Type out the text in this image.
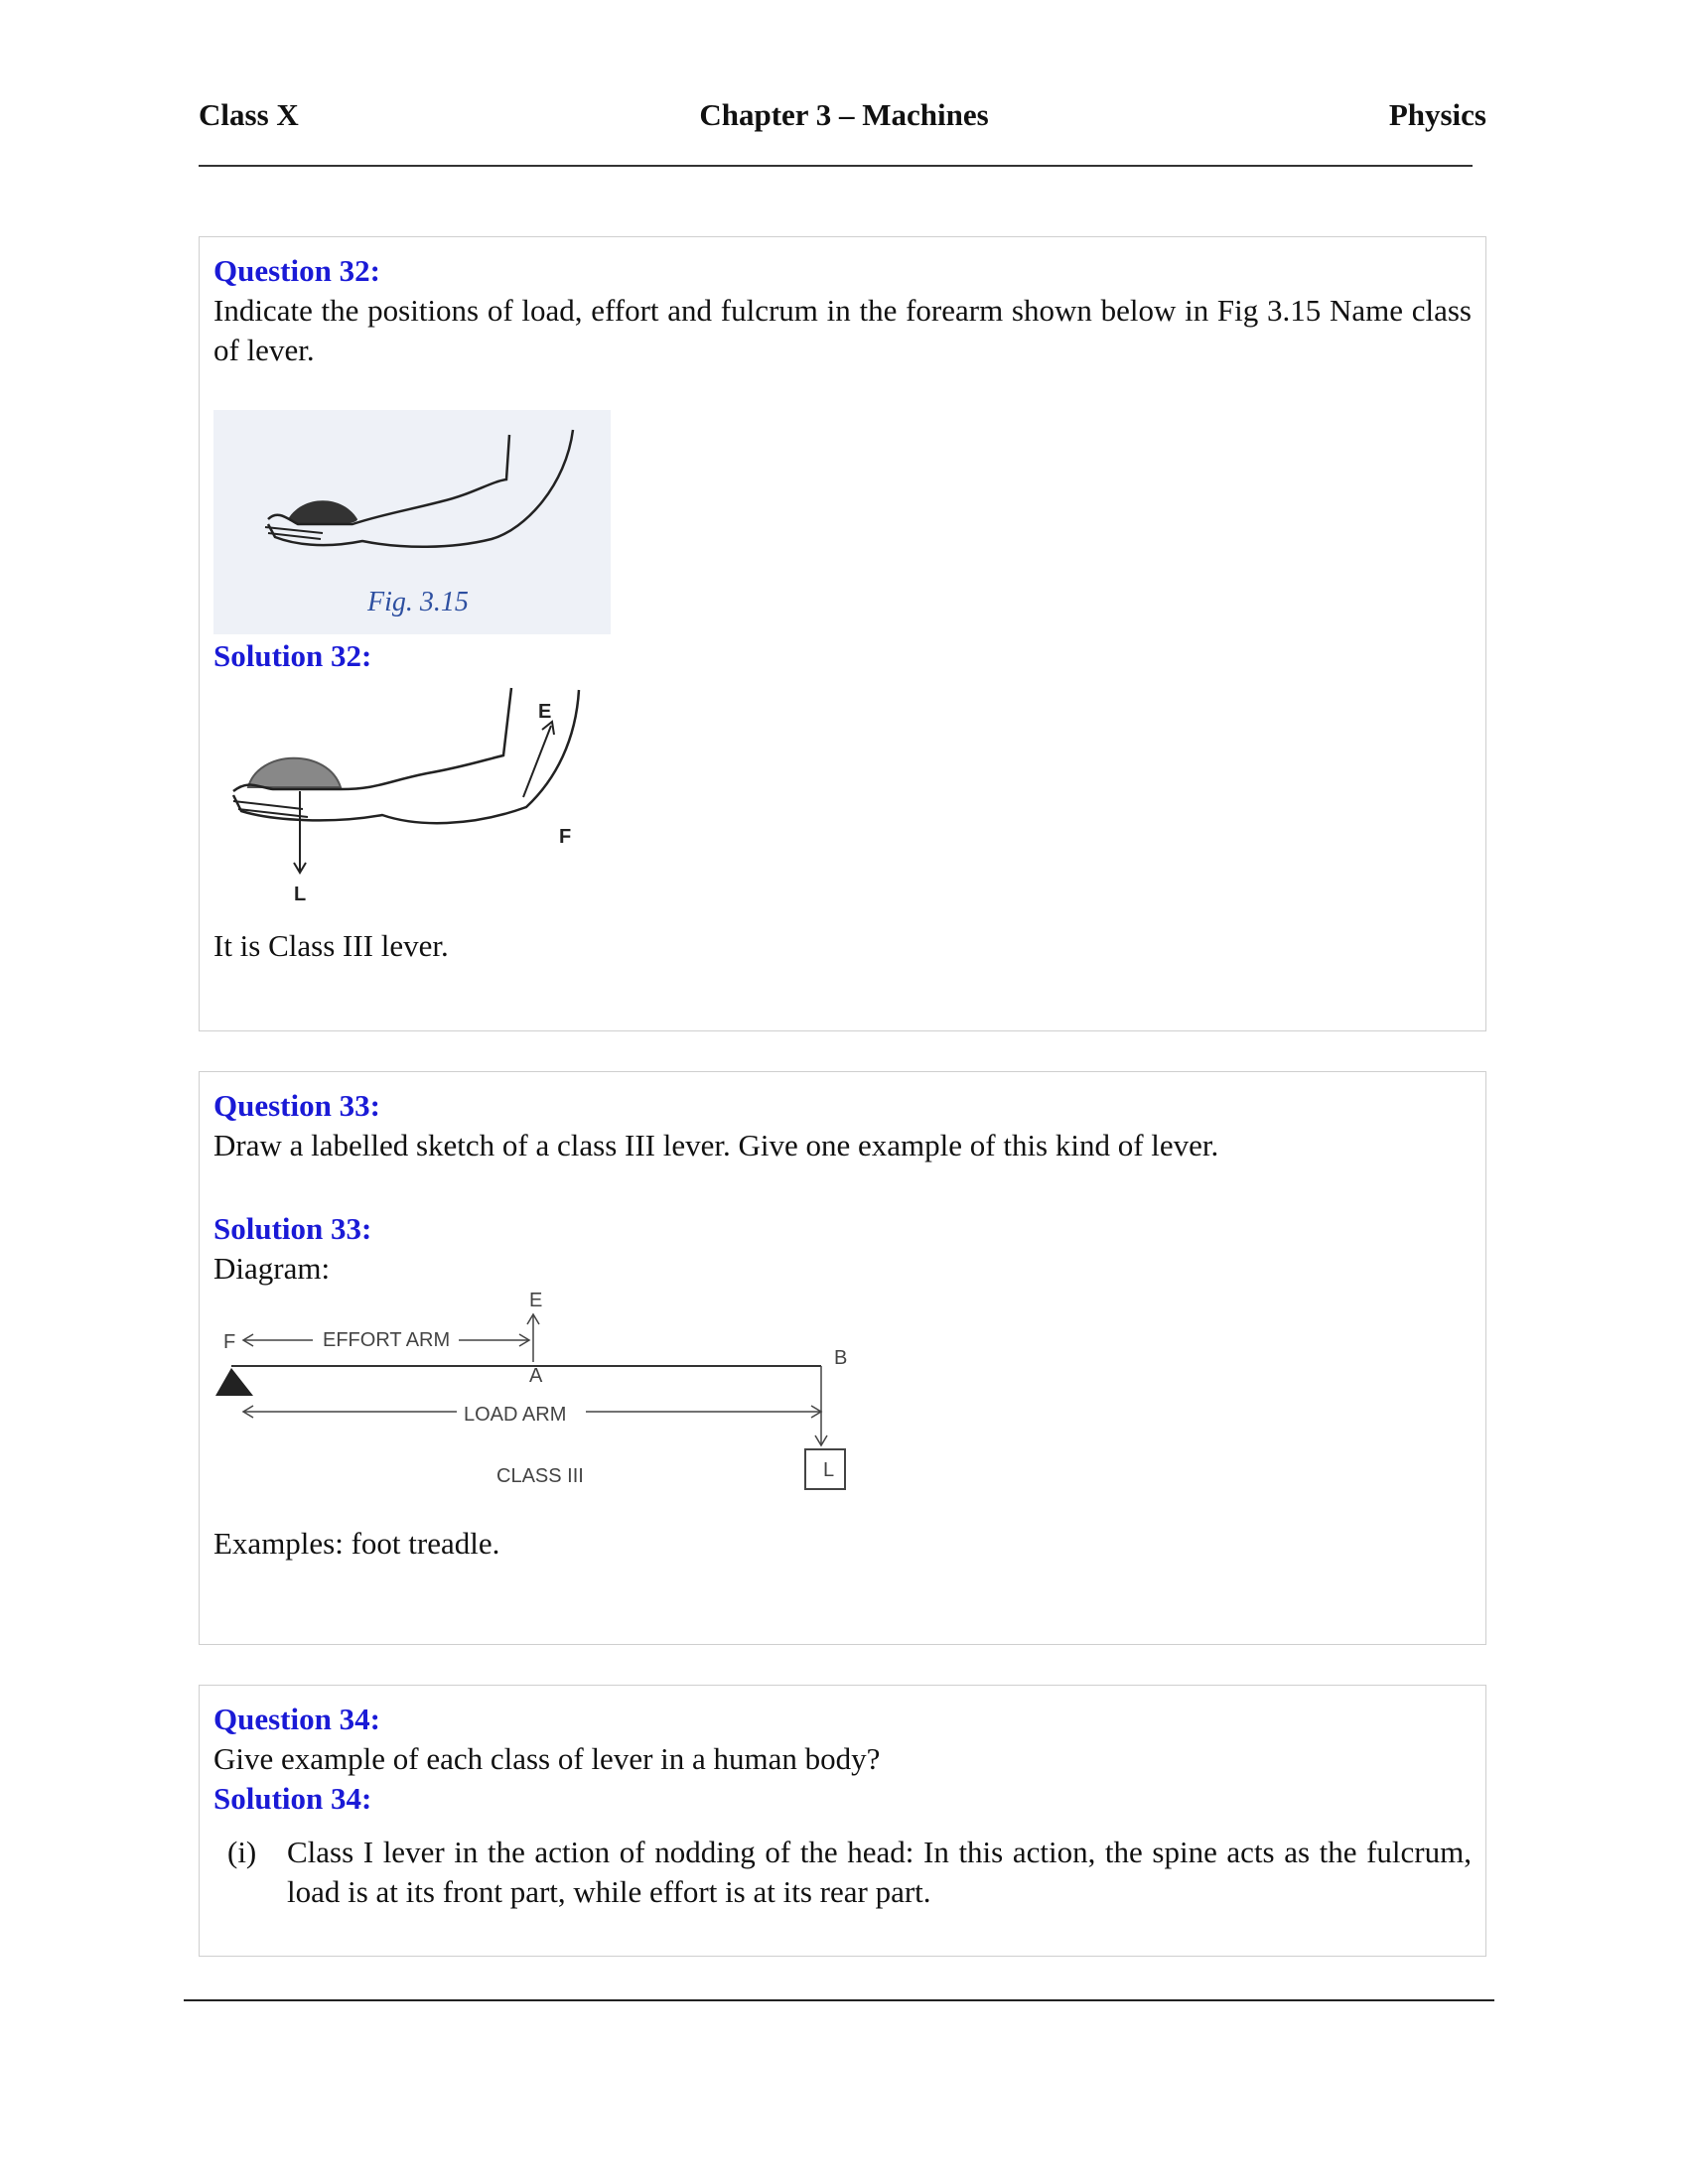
Class X	Chapter 3 – Machines	Physics
Question 32:
Indicate the positions of load, effort and fulcrum in the forearm shown below in Fig 3.15 Name class of lever.
Fig. 3.15
Solution 32:
E
F
L
It is Class III lever.
Question 33:
Draw a labelled sketch of a class III lever. Give one example of this kind of lever.
Solution 33:
Diagram:
E
F	EFFORT ARM
A
B
LOAD ARM
L
CLASS III
Examples: foot treadle.
Question 34:
Give example of each class of lever in a human body?
Solution 34:
(i) Class I lever in the action of nodding of the head: In this action, the spine acts as the fulcrum, load is at its front part, while effort is at its rear part.
